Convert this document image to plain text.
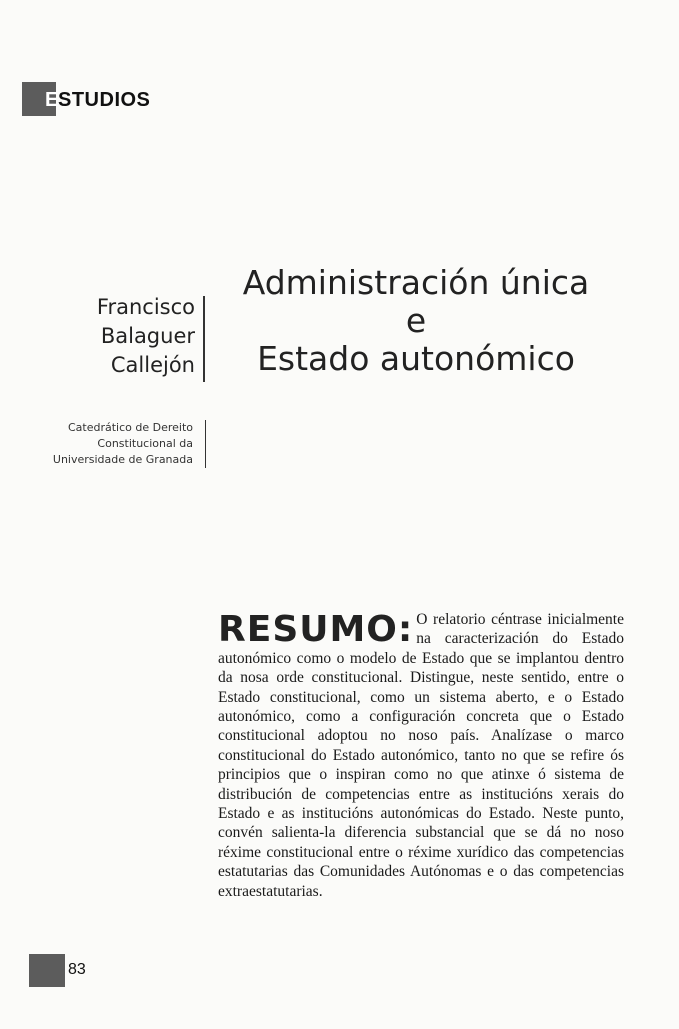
E STUDIOS
Francisco
Balaguer
Callejón
Catedrático de Dereito
Constitucional da
Universidade de Granada
Administración única
e
Estado autonómico
RESUMO: O relatorio céntrase inicialmente na caracterización do Estado autonómico como o modelo de Estado que se implantou dentro da nosa orde constitucional. Distingue, neste sentido, entre o Estado constitucional, como un sistema aberto, e o Estado autonómico, como a configuración concreta que o Estado constitucional adoptou no noso país. Analízase o marco constitucional do Estado autonómico, tanto no que se refire ós principios que o inspiran como no que atinxe ó sistema de distribución de competencias entre as institucións xerais do Estado e as institucións autonómicas do Estado. Neste punto, convén salienta-la diferencia substancial que se dá no noso réxime constitucional entre o réxime xurídico das competencias estatutarias das Comunidades Autónomas e o das competencias extraestatutarias.
83
